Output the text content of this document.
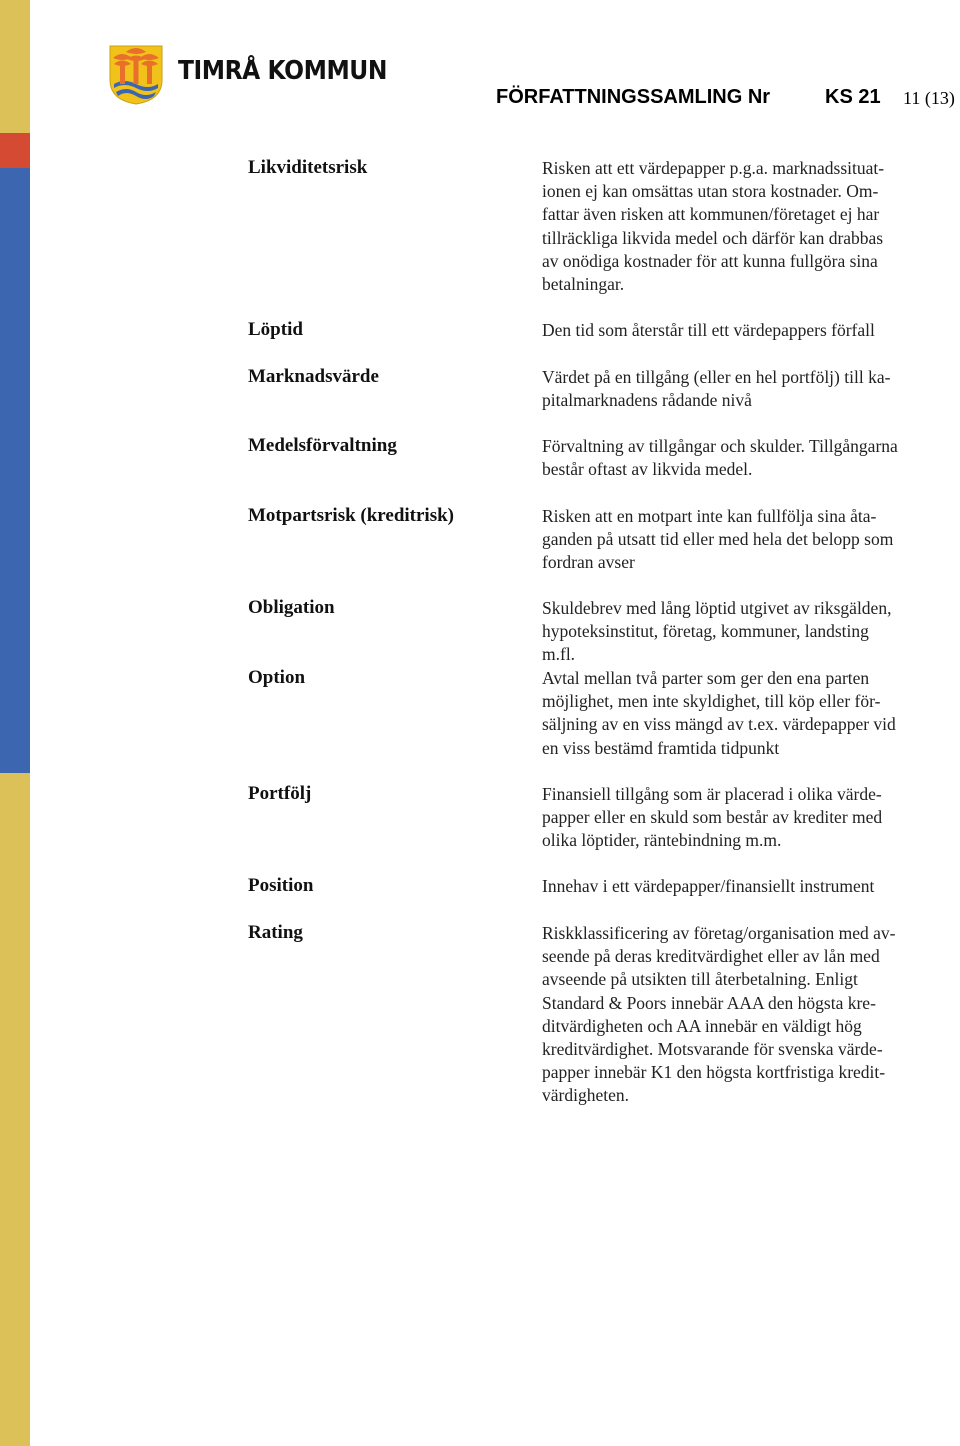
TIMRÅ KOMMUN
FÖRFATTNINGSSAMLING Nr	KS 21 11 (13)
Likviditetsrisk	Risken att ett värdepapper p.g.a. marknadssituat-
ionen ej kan omsättas utan stora kostnader. Om-
fattar även risken att kommunen/företaget ej har
tillräckliga likvida medel och därför kan drabbas
av onödiga kostnader för att kunna fullgöra sina
betalningar.
Löptid	Den tid som återstår till ett värdepappers förfall
Marknadsvärde	Värdet på en tillgång (eller en hel portfölj) till ka-
pitalmarknadens rådande nivå
Medelsförvaltning	Förvaltning av tillgångar och skulder. Tillgångarna
består oftast av likvida medel.
Motpartsrisk (kreditrisk)	Risken att en motpart inte kan fullfölja sina åta-
ganden på utsatt tid eller med hela det belopp som
fordran avser
Obligation	Skuldebrev med lång löptid utgivet av riksgälden,
hypoteksinstitut, företag, kommuner, landsting
m.fl.
Option	Avtal mellan två parter som ger den ena parten
möjlighet, men inte skyldighet, till köp eller för-
säljning av en viss mängd av t.ex. värdepapper vid
en viss bestämd framtida tidpunkt
Portfölj	Finansiell tillgång som är placerad i olika värde-
papper eller en skuld som består av krediter med
olika löptider, räntebindning m.m.
Position	Innehav i ett värdepapper/finansiellt instrument
Rating	Riskklassificering av företag/organisation med av-
seende på deras kreditvärdighet eller av lån med
avseende på utsikten till återbetalning. Enligt
Standard & Poors innebär AAA den högsta kre-
ditvärdigheten och AA innebär en väldigt hög
kreditvärdighet. Motsvarande för svenska värde-
papper innebär K1 den högsta kortfristiga kredit-
värdigheten.
